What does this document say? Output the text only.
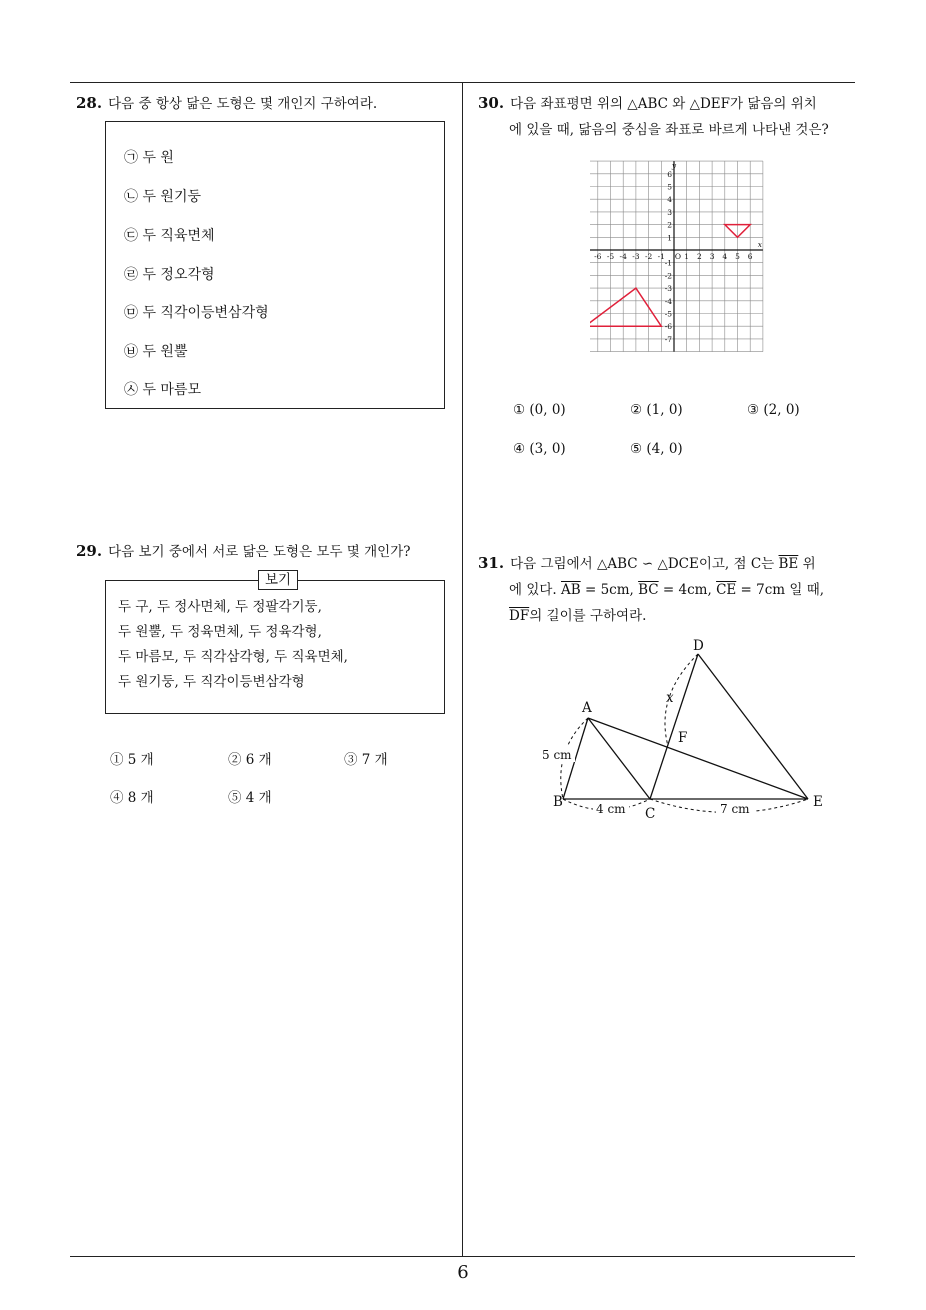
6
28. 다음 중 항상 닮은 도형은 몇 개인지 구하여라.
㉠ 두 원
㉡ 두 원기둥
㉢ 두 직육면체
㉣ 두 정오각형
㉤ 두 직각이등변삼각형
㉥ 두 원뿔
㉦ 두 마름모
29. 다음 보기 중에서 서로 닮은 도형은 모두 몇 개인가?
보기
두 구, 두 정사면체, 두 정팔각기둥,
두 원뿔, 두 정육면체, 두 정육각형,
두 마름모, 두 직각삼각형, 두 직육면체,
두 원기둥, 두 직각이등변삼각형
① 5 개	② 6 개	③ 7 개
④ 8 개	⑤ 4 개
30. 다음 좌표평면 위의 △ABC 와 △DEF가 닮음의 위치
에 있을 때, 닮음의 중심을 좌표로 바르게 나타낸 것은?
-6 -5 -4 -3 -2 -1	1 2 3 4 5 6
6
5
4
3
2
1
-1
-2
-3
-4
-5
-6
-7
O
x
y
① (0, 0)	② (1, 0)	③ (2, 0)
④ (3, 0)	⑤ (4, 0)
31. 다음 그림에서 △ABC ∽ △DCE이고, 점 C는 $\overline{BE}$ 위
에 있다. $\overline{AB} = 5cm$, $\overline{BC} = 4cm$, $\overline{CE} = 7cm$ 일 때,
$\overline{DF}$의 길이를 구하여라.
D
A
F
B
C
E
x
5 cm
4 cm	7 cm
